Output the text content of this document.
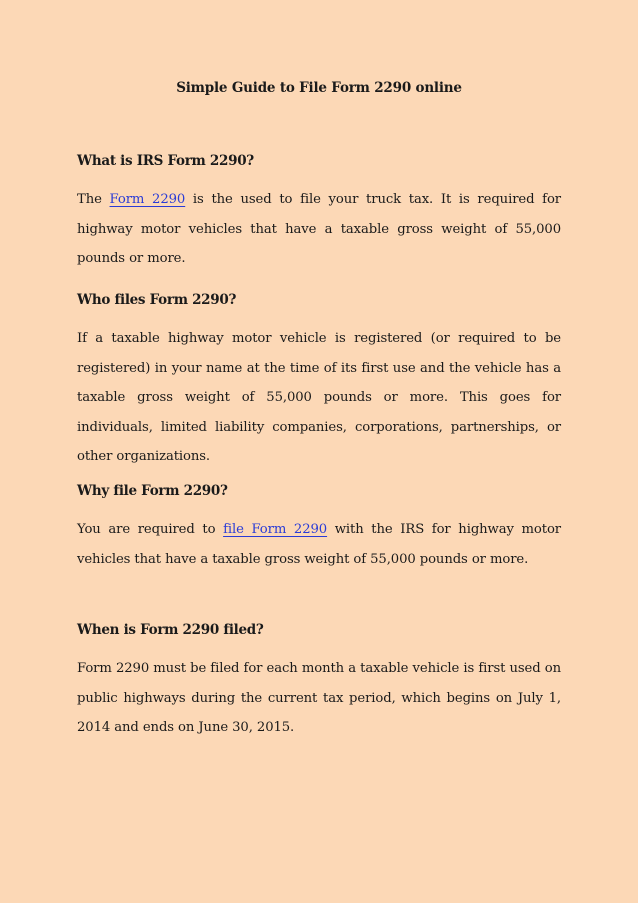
Simple Guide to File Form 2290 online
What is IRS Form 2290?

The Form 2290 is the used to file your truck tax. It is required for highway motor vehicles that have a taxable gross weight of 55,000 pounds or more.

Who files Form 2290?

If a taxable highway motor vehicle is registered (or required to be registered) in your name at the time of its first use and the vehicle has a taxable gross weight of 55,000 pounds or more. This goes for individuals, limited liability companies, corporations, partnerships, or other organizations.

Why file Form 2290?

You are required to file Form 2290 with the IRS for highway motor vehicles that have a taxable gross weight of 55,000 pounds or more.

When is Form 2290 filed?

Form 2290 must be filed for each month a taxable vehicle is first used on public highways during the current tax period, which begins on July 1, 2014 and ends on June 30, 2015.
